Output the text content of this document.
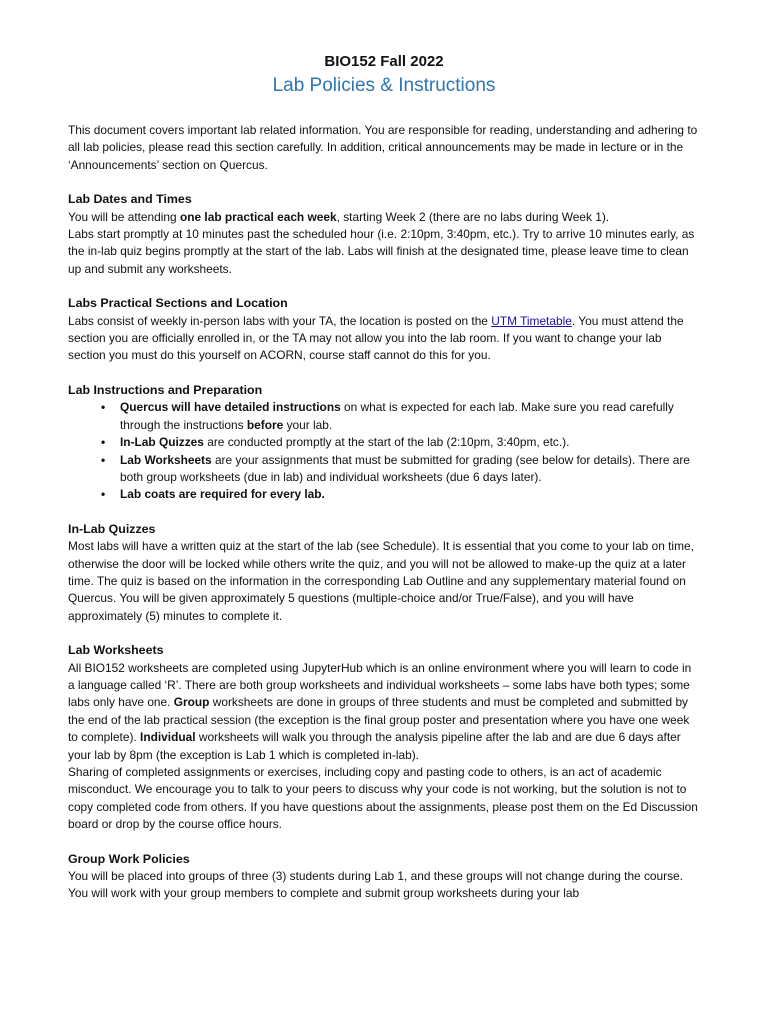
BIO152 Fall 2022
Lab Policies & Instructions

This document covers important lab related information. You are responsible for reading, understanding and adhering to all lab policies, please read this section carefully. In addition, critical announcements may be made in lecture or in the ‘Announcements’ section on Quercus.

Lab Dates and Times

You will be attending one lab practical each week, starting Week 2 (there are no labs during Week 1).

Labs start promptly at 10 minutes past the scheduled hour (i.e. 2:10pm, 3:40pm, etc.). Try to arrive 10 minutes early, as the in-lab quiz begins promptly at the start of the lab. Labs will finish at the designated time, please leave time to clean up and submit any worksheets.

Labs Practical Sections and Location

Labs consist of weekly in-person labs with your TA, the location is posted on the UTM Timetable. You must attend the section you are officially enrolled in, or the TA may not allow you into the lab room. If you want to change your lab section you must do this yourself on ACORN, course staff cannot do this for you.

Lab Instructions and Preparation
• Quercus will have detailed instructions on what is expected for each lab. Make sure you read carefully through the instructions before your lab.
• In-Lab Quizzes are conducted promptly at the start of the lab (2:10pm, 3:40pm, etc.).
• Lab Worksheets are your assignments that must be submitted for grading (see below for details). There are both group worksheets (due in lab) and individual worksheets (due 6 days later).
• Lab coats are required for every lab.
In-Lab Quizzes

Most labs will have a written quiz at the start of the lab (see Schedule). It is essential that you come to your lab on time, otherwise the door will be locked while others write the quiz, and you will not be allowed to make-up the quiz at a later time. The quiz is based on the information in the corresponding Lab Outline and any supplementary material found on Quercus. You will be given approximately 5 questions (multiple-choice and/or True/False), and you will have approximately (5) minutes to complete it.

Lab Worksheets

All BIO152 worksheets are completed using JupyterHub which is an online environment where you will learn to code in a language called ‘R’. There are both group worksheets and individual worksheets – some labs have both types; some labs only have one. Group worksheets are done in groups of three students and must be completed and submitted by the end of the lab practical session (the exception is the final group poster and presentation where you have one week to complete). Individual worksheets will walk you through the analysis pipeline after the lab and are due 6 days after your lab by 8pm (the exception is Lab 1 which is completed in-lab).

Sharing of completed assignments or exercises, including copy and pasting code to others, is an act of academic misconduct. We encourage you to talk to your peers to discuss why your code is not working, but the solution is not to copy completed code from others. If you have questions about the assignments, please post them on the Ed Discussion board or drop by the course office hours.

Group Work Policies

You will be placed into groups of three (3) students during Lab 1, and these groups will not change during the course. You will work with your group members to complete and submit group worksheets during your lab
